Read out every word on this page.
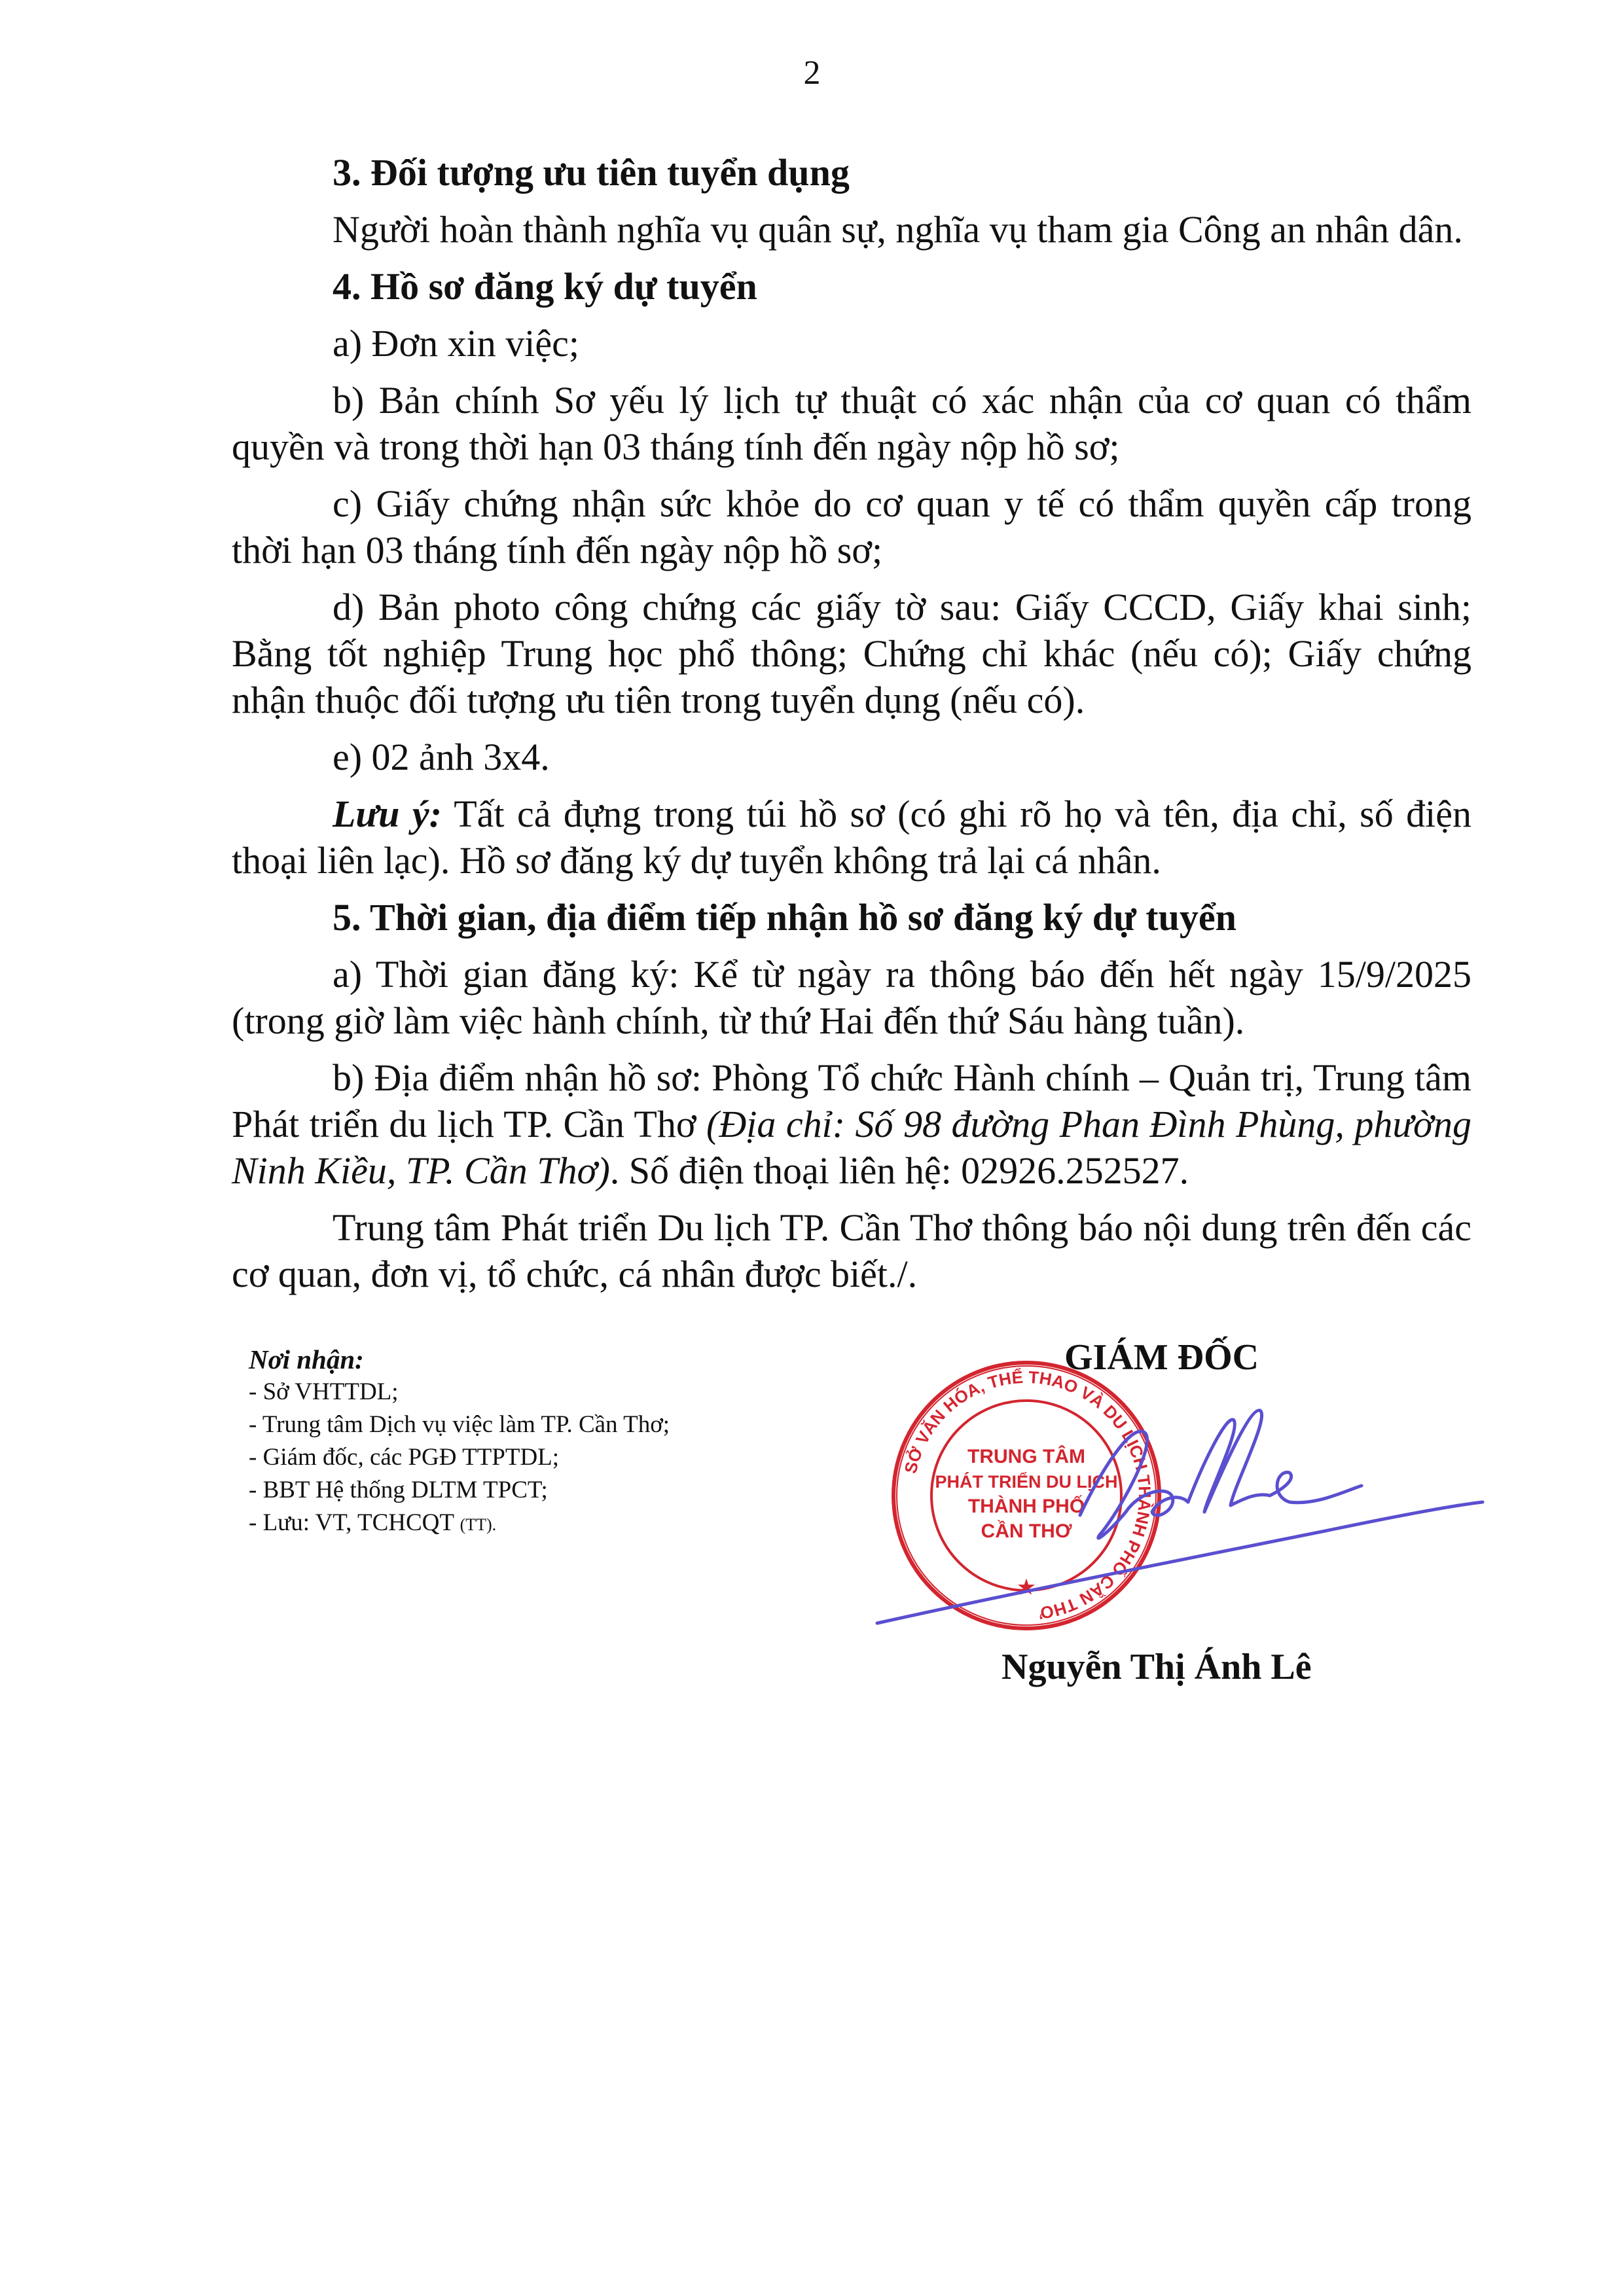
2
3. Đối tượng ưu tiên tuyển dụng
Người hoàn thành nghĩa vụ quân sự, nghĩa vụ tham gia Công an nhân dân.
4. Hồ sơ đăng ký dự tuyển
a) Đơn xin việc;
b) Bản chính Sơ yếu lý lịch tự thuật có xác nhận của cơ quan có thẩm quyền và trong thời hạn 03 tháng tính đến ngày nộp hồ sơ;
c) Giấy chứng nhận sức khỏe do cơ quan y tế có thẩm quyền cấp trong thời hạn 03 tháng tính đến ngày nộp hồ sơ;
d) Bản photo công chứng các giấy tờ sau: Giấy CCCD, Giấy khai sinh; Bằng tốt nghiệp Trung học phổ thông; Chứng chỉ khác (nếu có); Giấy chứng nhận thuộc đối tượng ưu tiên trong tuyển dụng (nếu có).
e) 02 ảnh 3x4.
Lưu ý: Tất cả đựng trong túi hồ sơ (có ghi rõ họ và tên, địa chỉ, số điện thoại liên lạc). Hồ sơ đăng ký dự tuyển không trả lại cá nhân.
5. Thời gian, địa điểm tiếp nhận hồ sơ đăng ký dự tuyển
a) Thời gian đăng ký: Kể từ ngày ra thông báo đến hết ngày 15/9/2025 (trong giờ làm việc hành chính, từ thứ Hai đến thứ Sáu hàng tuần).
b) Địa điểm nhận hồ sơ: Phòng Tổ chức Hành chính – Quản trị, Trung tâm Phát triển du lịch TP. Cần Thơ (Địa chỉ: Số 98 đường Phan Đình Phùng, phường Ninh Kiều, TP. Cần Thơ). Số điện thoại liên hệ: 02926.252527.
Trung tâm Phát triển Du lịch TP. Cần Thơ thông báo nội dung trên đến các cơ quan, đơn vị, tổ chức, cá nhân được biết./.
Nơi nhận:
- Sở VHTTDL;
- Trung tâm Dịch vụ việc làm TP. Cần Thơ;
- Giám đốc, các PGĐ TTPTDL;
- BBT Hệ thống DLTM TPCT;
- Lưu: VT, TCHCQT (TT).
GIÁM ĐỐC
SỞ VĂN HÓA, THỂ THAO VÀ DU LỊCH THÀNH PHỐ CẦN THƠ
TRUNG TÂM
PHÁT TRIỂN DU LỊCH
THÀNH PHỐ
CẦN THƠ
★
Nguyễn Thị Ánh Lê
